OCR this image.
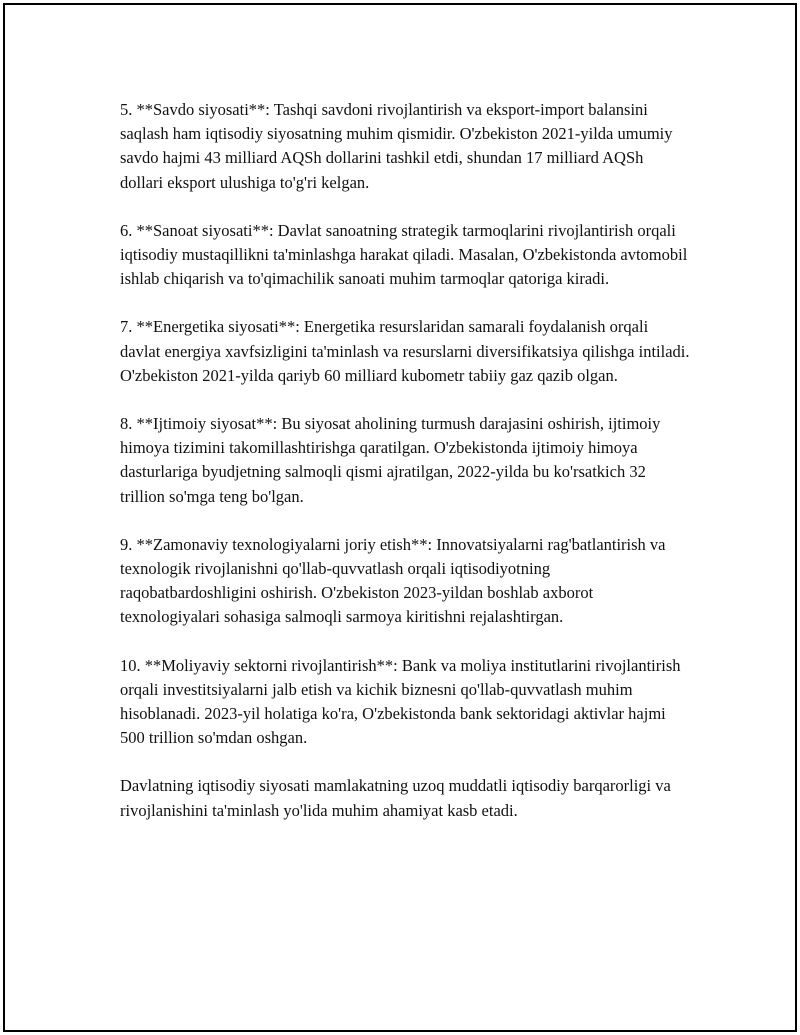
5. **Savdo siyosati**: Tashqi savdoni rivojlantirish va eksport-import balansini saqlash ham iqtisodiy siyosatning muhim qismidir. O'zbekiston 2021-yilda umumiy savdo hajmi 43 milliard AQSh dollarini tashkil etdi, shundan 17 milliard AQSh dollari eksport ulushiga to'g'ri kelgan.

6. **Sanoat siyosati**: Davlat sanoatning strategik tarmoqlarini rivojlantirish orqali iqtisodiy mustaqillikni ta'minlashga harakat qiladi. Masalan, O'zbekistonda avtomobil ishlab chiqarish va to'qimachilik sanoati muhim tarmoqlar qatoriga kiradi.

7. **Energetika siyosati**: Energetika resurslaridan samarali foydalanish orqali davlat energiya xavfsizligini ta'minlash va resurslarni diversifikatsiya qilishga intiladi. O'zbekiston 2021-yilda qariyb 60 milliard kubometr tabiiy gaz qazib olgan.

8. **Ijtimoiy siyosat**: Bu siyosat aholining turmush darajasini oshirish, ijtimoiy himoya tizimini takomillashtirishga qaratilgan. O'zbekistonda ijtimoiy himoya dasturlariga byudjetning salmoqli qismi ajratilgan, 2022-yilda bu ko'rsatkich 32 trillion so'mga teng bo'lgan.

9. **Zamonaviy texnologiyalarni joriy etish**: Innovatsiyalarni rag'batlantirish va texnologik rivojlanishni qo'llab-quvvatlash orqali iqtisodiyotning raqobatbardoshligini oshirish. O'zbekiston 2023-yildan boshlab axborot texnologiyalari sohasiga salmoqli sarmoya kiritishni rejalashtirgan.

10. **Moliyaviy sektorni rivojlantirish**: Bank va moliya institutlarini rivojlantirish orqali investitsiyalarni jalb etish va kichik biznesni qo'llab-quvvatlash muhim hisoblanadi. 2023-yil holatiga ko'ra, O'zbekistonda bank sektoridagi aktivlar hajmi 500 trillion so'mdan oshgan.

Davlatning iqtisodiy siyosati mamlakatning uzoq muddatli iqtisodiy barqarorligi va rivojlanishini ta'minlash yo'lida muhim ahamiyat kasb etadi.
